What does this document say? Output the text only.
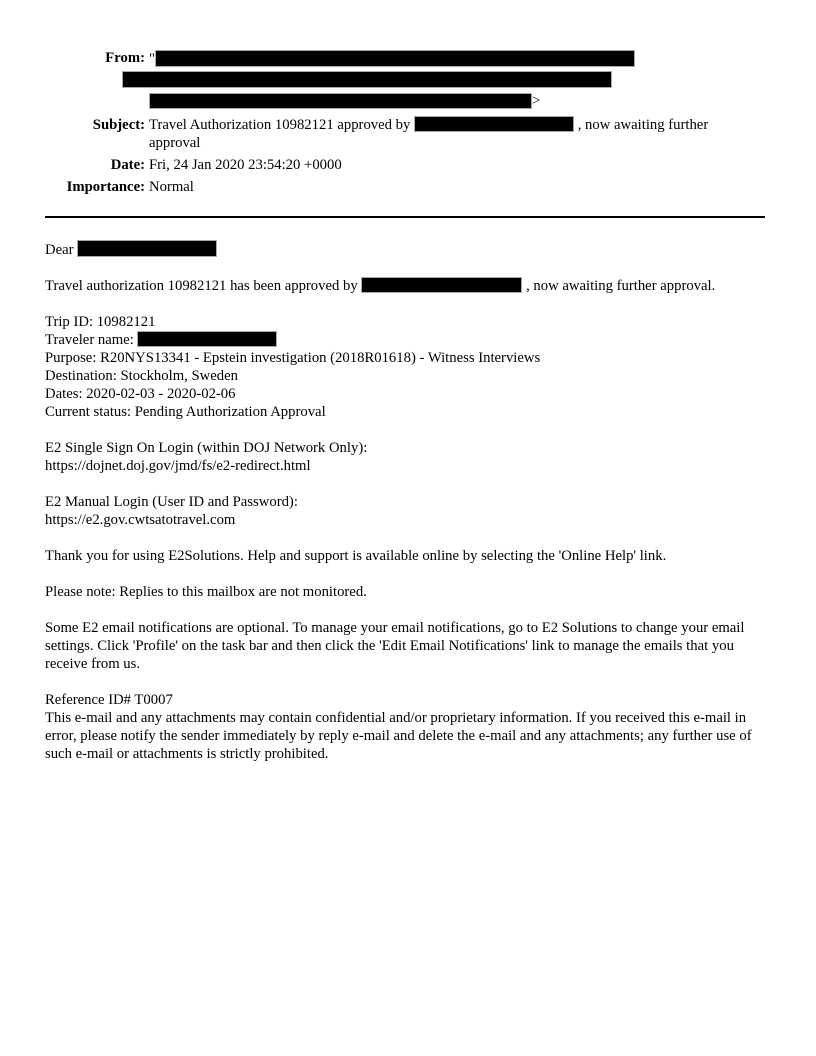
From: "
>
Subject: Travel Authorization 10982121 approved by	, now awaiting further approval
Date: Fri, 24 Jan 2020 23:54:20 +0000
Importance: Normal
Dear
Travel authorization 10982121 has been approved by	, now awaiting further approval.
Trip ID: 10982121
Traveler name:
Purpose: R20NYS13341 - Epstein investigation (2018R01618) - Witness Interviews
Destination: Stockholm, Sweden
Dates: 2020-02-03 - 2020-02-06
Current status: Pending Authorization Approval
E2 Single Sign On Login (within DOJ Network Only):
https://dojnet.doj.gov/jmd/fs/e2-redirect.html
E2 Manual Login (User ID and Password):
https://e2.gov.cwtsatotravel.com
Thank you for using E2Solutions. Help and support is available online by selecting the 'Online Help' link.
Please note: Replies to this mailbox are not monitored.
Some E2 email notifications are optional. To manage your email notifications, go to E2 Solutions to change your email settings. Click 'Profile' on the task bar and then click the 'Edit Email Notifications' link to manage the emails that you receive from us.
Reference ID# T0007
This e-mail and any attachments may contain confidential and/or proprietary information. If you received this e-mail in error, please notify the sender immediately by reply e-mail and delete the e-mail and any attachments; any further use of such e-mail or attachments is strictly prohibited.
